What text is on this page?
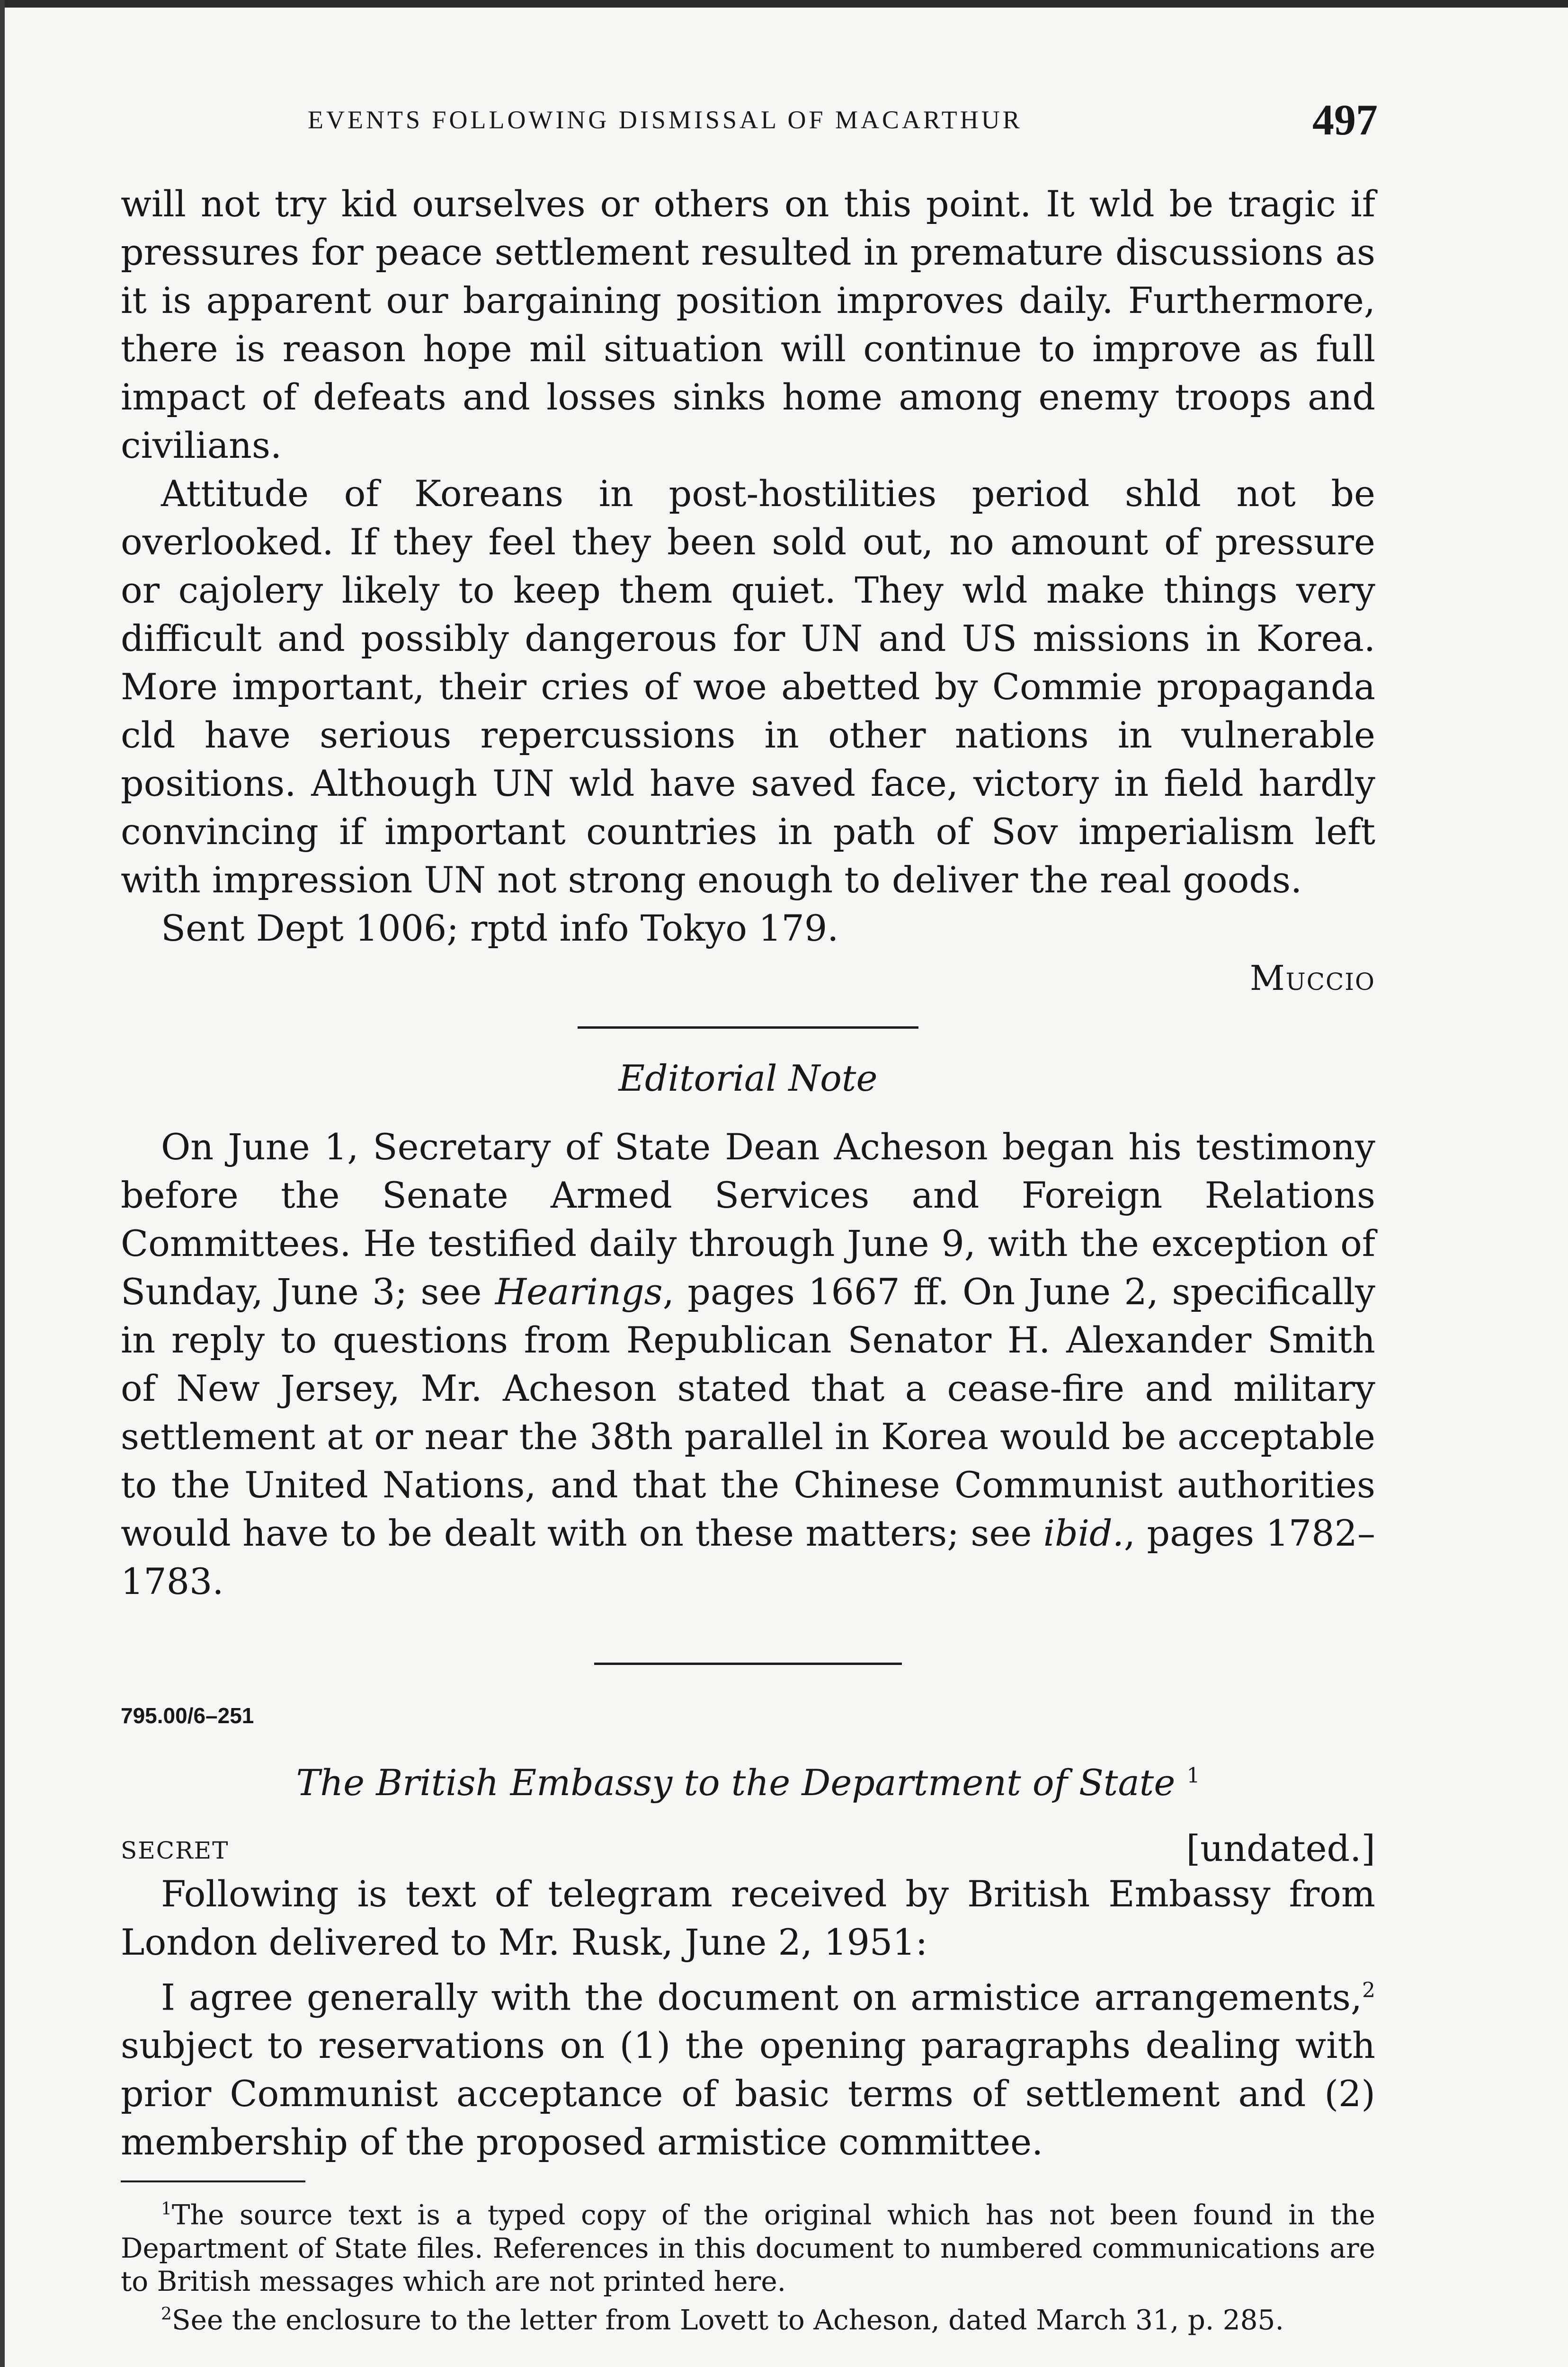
EVENTS FOLLOWING DISMISSAL OF MACARTHUR	497

will not try kid ourselves or others on this point. It wld be tragic if pressures for peace settlement resulted in premature discussions as it is apparent our bargaining position improves daily. Furthermore, there is reason hope mil situation will continue to improve as full impact of defeats and losses sinks home among enemy troops and civilians.

Attitude of Koreans in post-hostilities period shld not be overlooked. If they feel they been sold out, no amount of pressure or cajolery likely to keep them quiet. They wld make things very difficult and possibly dangerous for UN and US missions in Korea. More important, their cries of woe abetted by Commie propaganda cld have serious repercussions in other nations in vulnerable positions. Although UN wld have saved face, victory in field hardly convincing if important countries in path of Sov imperialism left with impression UN not strong enough to deliver the real goods.

Sent Dept 1006; rptd info Tokyo 179.

Muccio
Editorial Note

On June 1, Secretary of State Dean Acheson began his testimony before the Senate Armed Services and Foreign Relations Committees. He testified daily through June 9, with the exception of Sunday, June 3; see Hearings, pages 1667 ff. On June 2, specifically in reply to questions from Republican Senator H. Alexander Smith of New Jersey, Mr. Acheson stated that a cease-fire and military settlement at or near the 38th parallel in Korea would be acceptable to the United Nations, and that the Chinese Communist authorities would have to be dealt with on these matters; see ibid., pages 1782–1783.

795.00/6–251
The British Embassy to the Department of State $^1$
SECRET	[undated.]

Following is text of telegram received by British Embassy from London delivered to Mr. Rusk, June 2, 1951:

I agree generally with the document on armistice arrangements,$^2$ subject to reservations on (1) the opening paragraphs dealing with prior Communist acceptance of basic terms of settlement and (2) membership of the proposed armistice committee.

$^1$The source text is a typed copy of the original which has not been found in the Department of State files. References in this document to numbered communications are to British messages which are not printed here.

$^2$See the enclosure to the letter from Lovett to Acheson, dated March 31, p. 285.
